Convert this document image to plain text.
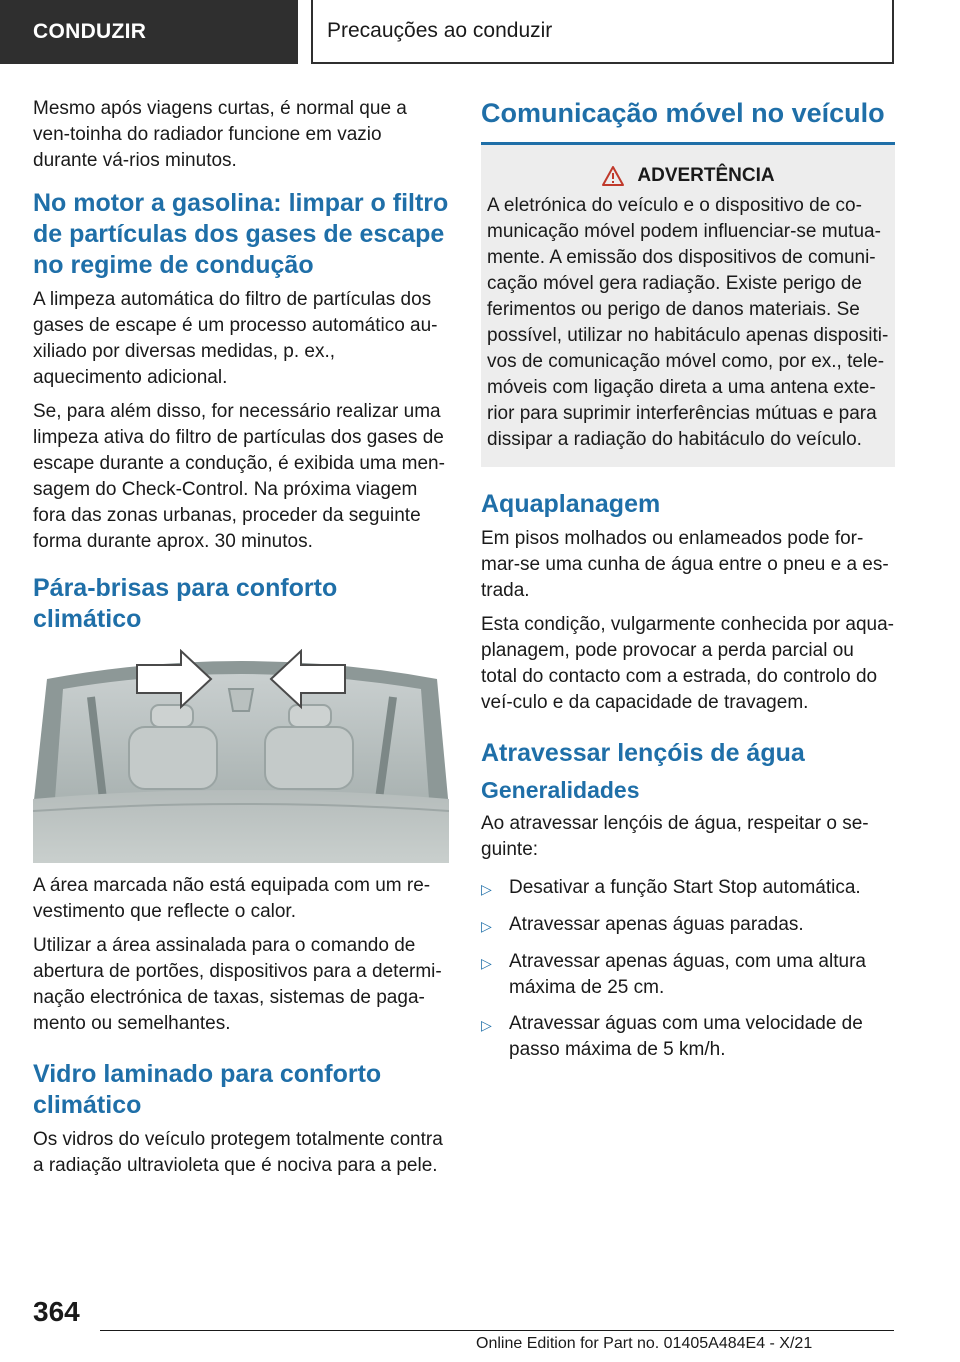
CONDUZIR	Precauções ao conduzir

Mesmo após viagens curtas, é normal que a ven-toinha do radiador funcione em vazio durante vá-rios minutos.

No motor a gasolina: limpar o filtro de partículas dos gases de escape no regime de condução

A limpeza automática do filtro de partículas dos gases de escape é um processo automático au-xiliado por diversas medidas, p. ex., aquecimento adicional.

Se, para além disso, for necessário realizar uma limpeza ativa do filtro de partículas dos gases de escape durante a condução, é exibida uma men-sagem do Check-Control. Na próxima viagem fora das zonas urbanas, proceder da seguinte forma durante aprox. 30 minutos.

Pára-brisas para conforto climático

A área marcada não está equipada com um re-vestimento que reflecte o calor.

Utilizar a área assinalada para o comando de abertura de portões, dispositivos para a determi-nação electrónica de taxas, sistemas de paga-mento ou semelhantes.

Vidro laminado para conforto climático

Os vidros do veículo protegem totalmente contra a radiação ultravioleta que é nociva para a pele.

Comunicação móvel no veículo
ADVERTÊNCIA

A eletrónica do veículo e o dispositivo de co-municação móvel podem influenciar-se mutua-mente. A emissão dos dispositivos de comuni-cação móvel gera radiação. Existe perigo de ferimentos ou perigo de danos materiais. Se possível, utilizar no habitáculo apenas dispositi-vos de comunicação móvel como, por ex., tele-móveis com ligação direta a uma antena exte-rior para suprimir interferências mútuas e para dissipar a radiação do habitáculo do veículo.

Aquaplanagem

Em pisos molhados ou enlameados pode for-mar-se uma cunha de água entre o pneu e a es-trada.

Esta condição, vulgarmente conhecida por aqua-planagem, pode provocar a perda parcial ou total do contacto com a estrada, do controlo do veí-culo e da capacidade de travagem.

Atravessar lençóis de água
Generalidades

Ao atravessar lençóis de água, respeitar o se-guinte:

▷ Desativar a função Start Stop automática.
▷ Atravessar apenas águas paradas.
▷ Atravessar apenas águas, com uma altura máxima de 25 cm.
▷ Atravessar águas com uma velocidade de passo máxima de 5 km/h.
364
Online Edition for Part no. 01405A484E4 - X/21
